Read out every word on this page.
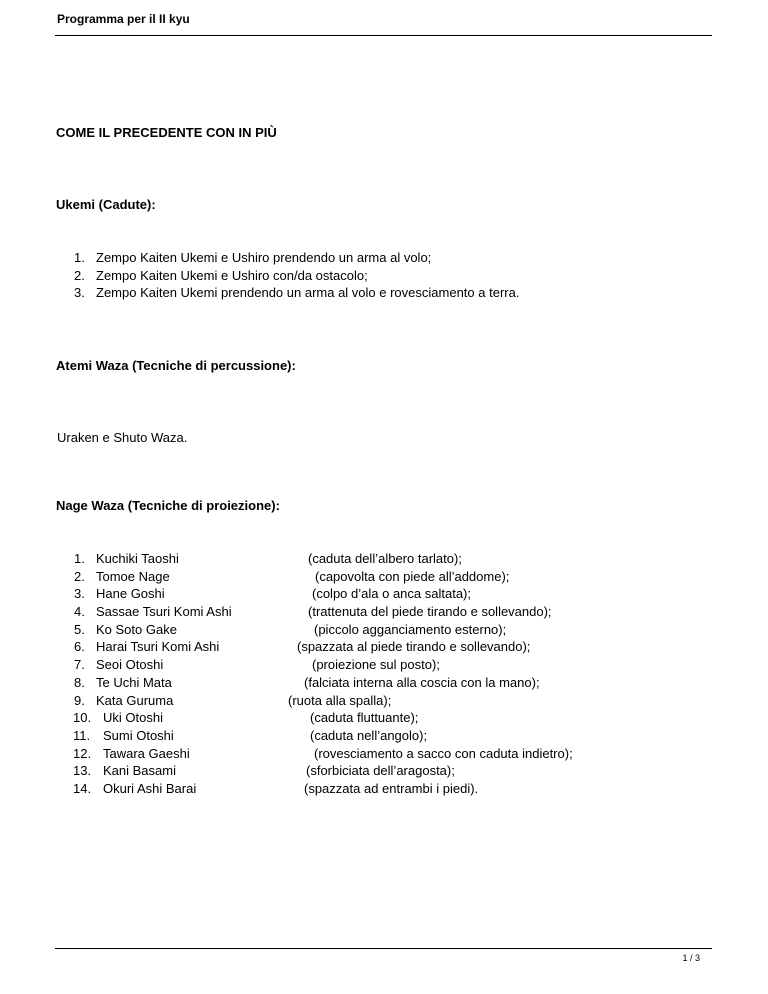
Programma per il II kyu
COME IL PRECEDENTE CON IN PIÙ
Ukemi (Cadute):
1. Zempo Kaiten Ukemi e Ushiro prendendo un arma al volo;
2. Zempo Kaiten Ukemi e Ushiro con/da ostacolo;
3. Zempo Kaiten Ukemi prendendo un arma al volo e rovesciamento a terra.
Atemi Waza (Tecniche di percussione):
Uraken e Shuto Waza.
Nage Waza (Tecniche di proiezione):
1. Kuchiki Taoshi	(caduta dell’albero tarlato);
2. Tomoe Nage	(capovolta con piede all’addome);
3. Hane Goshi	(colpo d’ala o anca saltata);
4. Sassae Tsuri Komi Ashi	(trattenuta del piede tirando e sollevando);
5. Ko Soto Gake	(piccolo agganciamento esterno);
6. Harai Tsuri Komi Ashi	(spazzata al piede tirando e sollevando);
7. Seoi Otoshi	(proiezione sul posto);
8. Te Uchi Mata	(falciata interna alla coscia con la mano);
9. Kata Guruma	(ruota alla spalla);
10. Uki Otoshi	(caduta fluttuante);
11. Sumi Otoshi	(caduta nell’angolo);
12. Tawara Gaeshi	(rovesciamento a sacco con caduta indietro);
13. Kani Basami	(sforbiciata dell’aragosta);
14. Okuri Ashi Barai	(spazzata ad entrambi i piedi).
1 / 3
